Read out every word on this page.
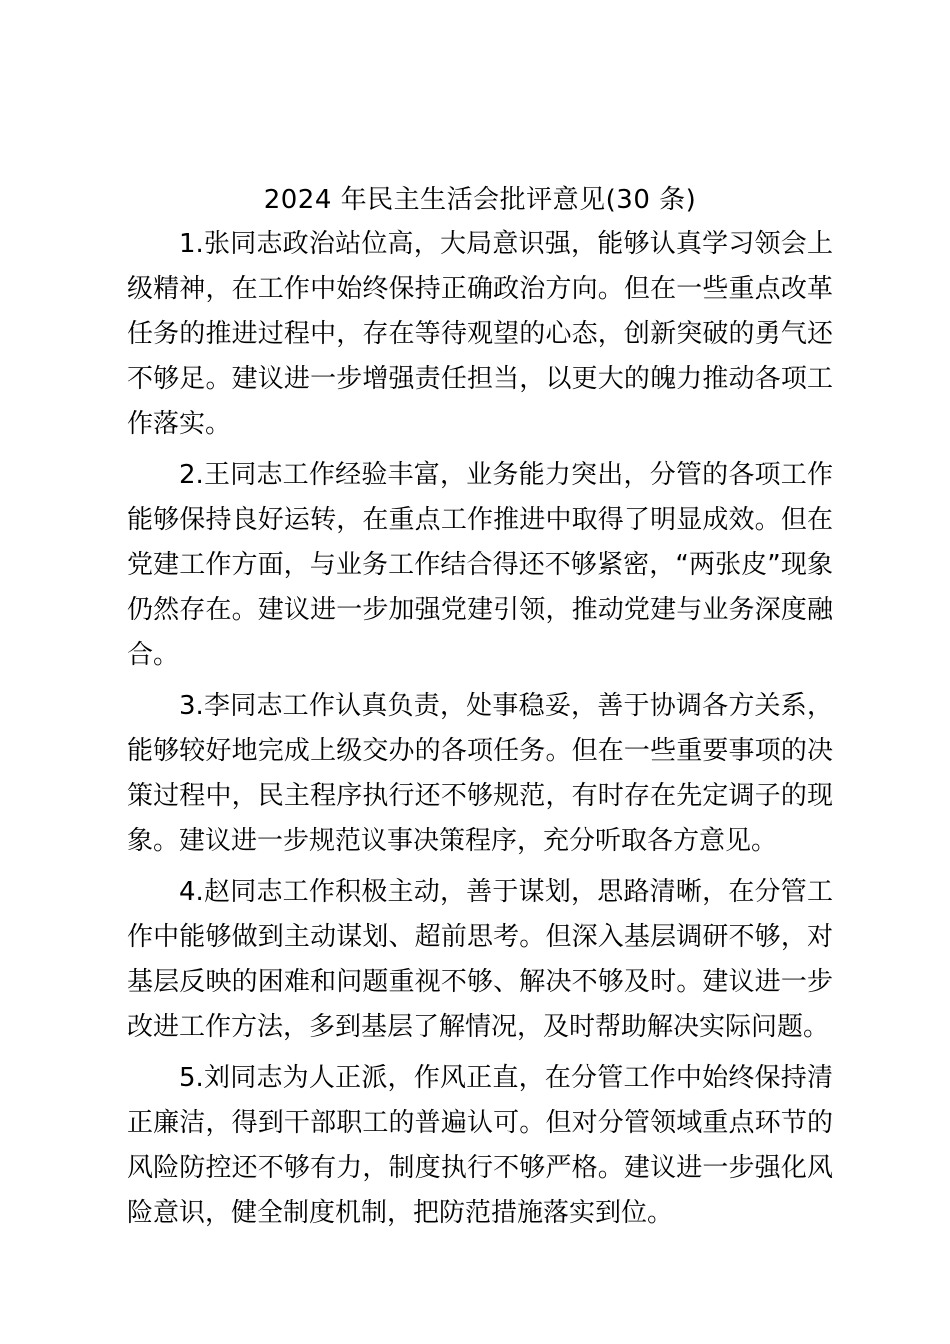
2024 年民主生活会批评意见(30 条)

1.张同志政治站位高，大局意识强，能够认真学习领会上级精神，在工作中始终保持正确政治方向。但在一些重点改革任务的推进过程中，存在等待观望的心态，创新突破的勇气还不够足。建议进一步增强责任担当，以更大的魄力推动各项工作落实。

2.王同志工作经验丰富，业务能力突出，分管的各项工作能够保持良好运转，在重点工作推进中取得了明显成效。但在党建工作方面，与业务工作结合得还不够紧密，“两张皮”现象仍然存在。建议进一步加强党建引领，推动党建与业务深度融合。

3.李同志工作认真负责，处事稳妥，善于协调各方关系，能够较好地完成上级交办的各项任务。但在一些重要事项的决策过程中，民主程序执行还不够规范，有时存在先定调子的现象。建议进一步规范议事决策程序，充分听取各方意见。

4.赵同志工作积极主动，善于谋划，思路清晰，在分管工作中能够做到主动谋划、超前思考。但深入基层调研不够，对基层反映的困难和问题重视不够、解决不够及时。建议进一步改进工作方法，多到基层了解情况，及时帮助解决实际问题。

5.刘同志为人正派，作风正直，在分管工作中始终保持清正廉洁，得到干部职工的普遍认可。但对分管领域重点环节的风险防控还不够有力，制度执行不够严格。建议进一步强化风险意识，健全制度机制，把防范措施落实到位。
